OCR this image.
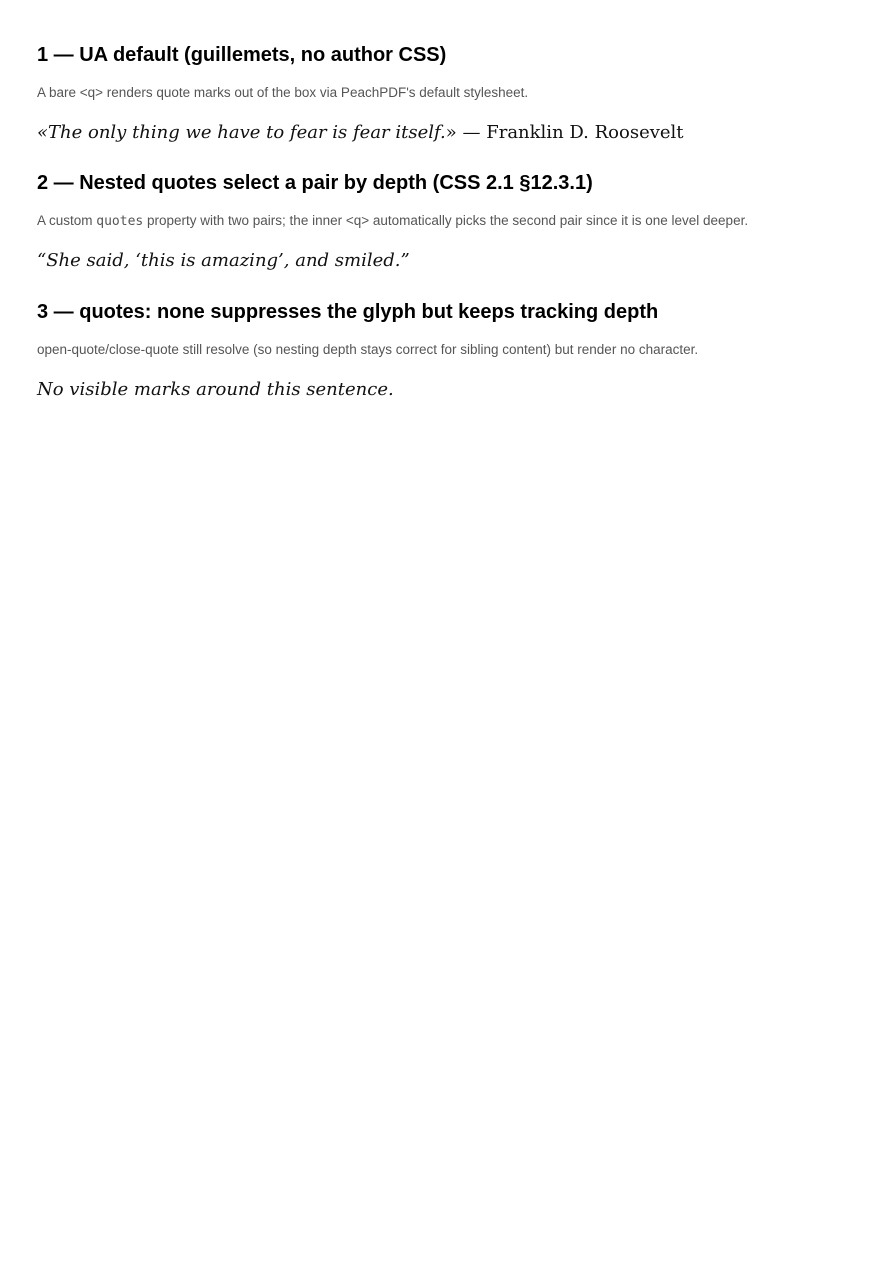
1 — UA default (guillemets, no author CSS)

A bare <q> renders quote marks out of the box via PeachPDF's default stylesheet.

«The only thing we have to fear is fear itself.» — Franklin D. Roosevelt

2 — Nested quotes select a pair by depth (CSS 2.1 §12.3.1)

A custom quotes property with two pairs; the inner <q> automatically picks the second pair since it is one level deeper.

“She said, ‘this is amazing’, and smiled.”

3 — quotes: none suppresses the glyph but keeps tracking depth

open-quote/close-quote still resolve (so nesting depth stays correct for sibling content) but render no character.

No visible marks around this sentence.
